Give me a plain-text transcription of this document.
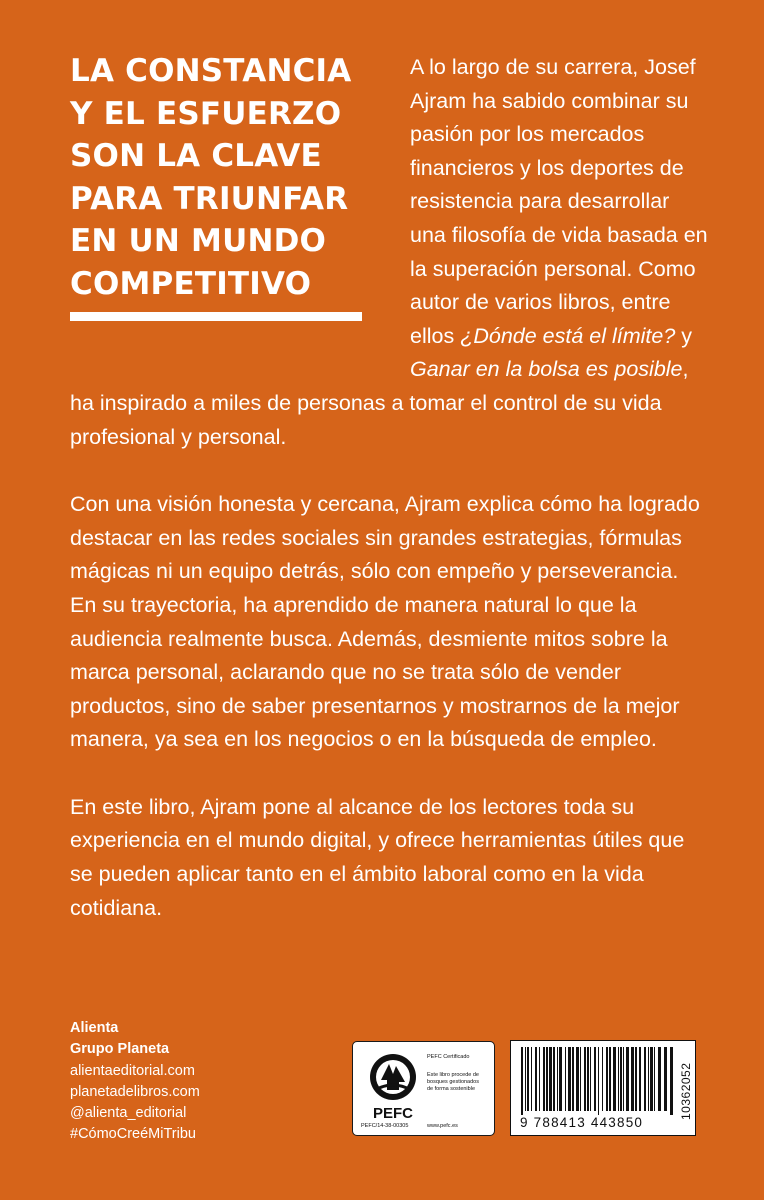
LA CONSTANCIA
Y EL ESFUERZO
SON LA CLAVE
PARA TRIUNFAR
EN UN MUNDO
COMPETITIVO

A lo largo de su carrera, Josef Ajram ha sabido combinar su pasión por los mercados financieros y los deportes de resistencia para desarrollar una filosofía de vida basada en la superación personal. Como autor de varios libros, entre ellos ¿Dónde está el límite? y Ganar en la bolsa es posible, ha inspirado a miles de personas a tomar el control de su vida profesional y personal.

Con una visión honesta y cercana, Ajram explica cómo ha logrado destacar en las redes sociales sin grandes estrategias, fórmulas mágicas ni un equipo detrás, sólo con empeño y perseverancia. En su trayectoria, ha aprendido de manera natural lo que la audiencia realmente busca. Además, desmiente mitos sobre la marca personal, aclarando que no se trata sólo de vender productos, sino de saber presentarnos y mostrarnos de la mejor manera, ya sea en los negocios o en la búsqueda de empleo.

En este libro, Ajram pone al alcance de los lectores toda su experiencia en el mundo digital, y ofrece herramientas útiles que se pueden aplicar tanto en el ámbito laboral como en la vida cotidiana.

Alienta
Grupo Planeta
alientaeditorial.com
planetadelibros.com
@alienta_editorial
#CómoCreéMiTribu
PEFC
PEFC Certificado
Este libro procede de
bosques gestionados
de forma sostenible
PEFC/14-38-00305	www.pefc.es	9 788413 443850
10362052
